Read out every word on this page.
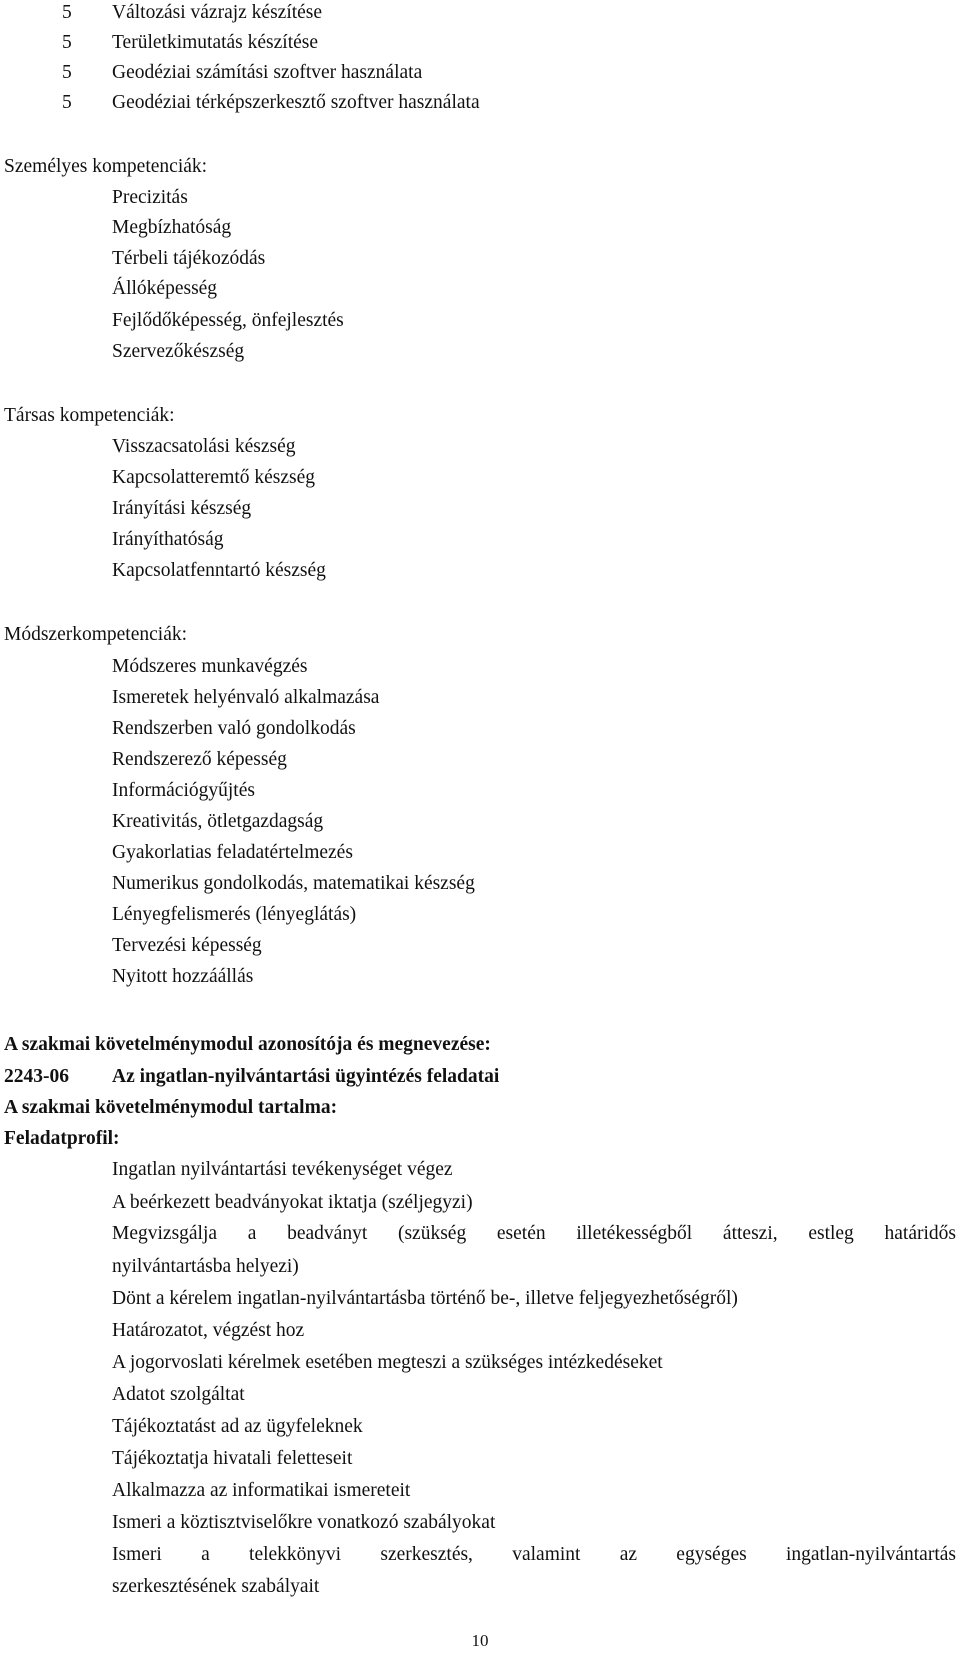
5 Változási vázrajz készítése
5 Területkimutatás készítése
5 Geodéziai számítási szoftver használata
5 Geodéziai térképszerkesztő szoftver használata
Személyes kompetenciák:
Precizitás
Megbízhatóság
Térbeli tájékozódás
Állóképesség
Fejlődőképesség, önfejlesztés
Szervezőkészség
Társas kompetenciák:
Visszacsatolási készség
Kapcsolatteremtő készség
Irányítási készség
Irányíthatóság
Kapcsolatfenntartó készség
Módszerkompetenciák:
Módszeres munkavégzés
Ismeretek helyénvaló alkalmazása
Rendszerben való gondolkodás
Rendszerező képesség
Információgyűjtés
Kreativitás, ötletgazdagság
Gyakorlatias feladatértelmezés
Numerikus gondolkodás, matematikai készség
Lényegfelismerés (lényeglátás)
Tervezési képesség
Nyitott hozzáállás
A szakmai követelménymodul azonosítója és megnevezése:
2243-06 Az ingatlan-nyilvántartási ügyintézés feladatai
A szakmai követelménymodul tartalma:
Feladatprofil:
Ingatlan nyilvántartási tevékenységet végez
A beérkezett beadványokat iktatja (széljegyzi)
Megvizsgálja a beadványt (szükség esetén illetékességből átteszi, estleg határidős
nyilvántartásba helyezi)
Dönt a kérelem ingatlan-nyilvántartásba történő be-, illetve feljegyezhetőségről)
Határozatot, végzést hoz
A jogorvoslati kérelmek esetében megteszi a szükséges intézkedéseket
Adatot szolgáltat
Tájékoztatást ad az ügyfeleknek
Tájékoztatja hivatali feletteseit
Alkalmazza az informatikai ismereteit
Ismeri a köztisztviselőkre vonatkozó szabályokat
Ismeri a telekkönyvi szerkesztés, valamint az egységes ingatlan-nyilvántartás
szerkesztésének szabályait
10
